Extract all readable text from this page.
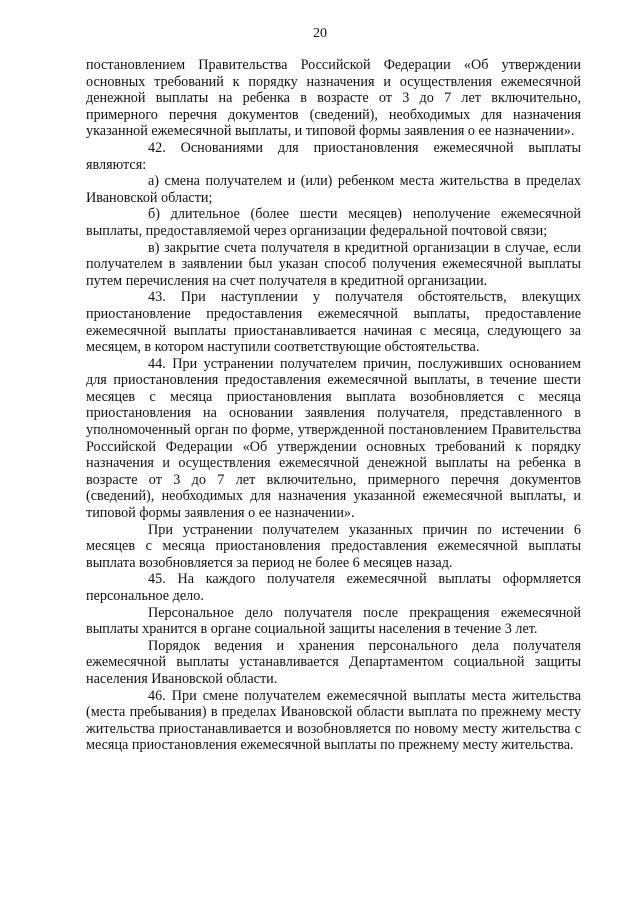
20

постановлением Правительства Российской Федерации «Об утверждении основных требований к порядку назначения и осуществления ежемесячной денежной выплаты на ребенка в возрасте от 3 до 7 лет включительно, примерного перечня документов (сведений), необходимых для назначения указанной ежемесячной выплаты, и типовой формы заявления о ее назначении».

42. Основаниями для приостановления ежемесячной выплаты являются:

а) смена получателем и (или) ребенком места жительства в пределах Ивановской области;

б) длительное (более шести месяцев) неполучение ежемесячной выплаты, предоставляемой через организации федеральной почтовой связи;

в) закрытие счета получателя в кредитной организации в случае, если получателем в заявлении был указан способ получения ежемесячной выплаты путем перечисления на счет получателя в кредитной организации.

43. При наступлении у получателя обстоятельств, влекущих приостановление предоставления ежемесячной выплаты, предоставление ежемесячной выплаты приостанавливается начиная с месяца, следующего за месяцем, в котором наступили соответствующие обстоятельства.

44. При устранении получателем причин, послуживших основанием для приостановления предоставления ежемесячной выплаты, в течение шести месяцев с месяца приостановления выплата возобновляется с месяца приостановления на основании заявления получателя, представленного в уполномоченный орган по форме, утвержденной постановлением Правительства Российской Федерации «Об утверждении основных требований к порядку назначения и осуществления ежемесячной денежной выплаты на ребенка в возрасте от 3 до 7 лет включительно, примерного перечня документов (сведений), необходимых для назначения указанной ежемесячной выплаты, и типовой формы заявления о ее назначении».

При устранении получателем указанных причин по истечении 6 месяцев с месяца приостановления предоставления ежемесячной выплаты выплата возобновляется за период не более 6 месяцев назад.

45. На каждого получателя ежемесячной выплаты оформляется персональное дело.

Персональное дело получателя после прекращения ежемесячной выплаты хранится в органе социальной защиты населения в течение 3 лет.

Порядок ведения и хранения персонального дела получателя ежемесячной выплаты устанавливается Департаментом социальной защиты населения Ивановской области.

46. При смене получателем ежемесячной выплаты места жительства (места пребывания) в пределах Ивановской области выплата по прежнему месту жительства приостанавливается и возобновляется по новому месту жительства с месяца приостановления ежемесячной выплаты по прежнему месту жительства.
